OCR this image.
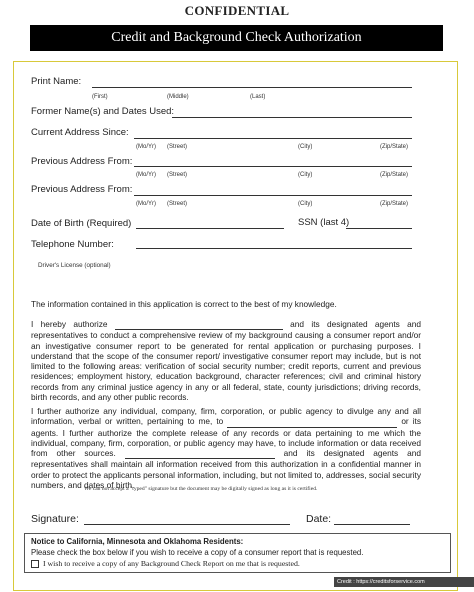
CONFIDENTIAL
Credit and Background Check Authorization
Print Name:
(First)	(Middle)	(Last)
Former Name(s) and Dates Used:
Current Address Since:
(Mo/Yr) (Street)	(City)	(Zip/State)
Previous Address From:
(Mo/Yr) (Street)	(City)	(Zip/State)
Previous Address From:
(Mo/Yr) (Street)	(City)	(Zip/State)
Date of Birth (Required)	SSN (last 4)
Telephone Number:
Driver's License (optional)
The information contained in this application is correct to the best of my knowledge.
I hereby authorize	and its designated agents and representatives to conduct a comprehensive review of my background causing a consumer report and/or an investigative consumer report to be generated for rental application or purchasing purposes. I understand that the scope of the consumer report/ investigative consumer report may include, but is not limited to the following areas: verification of social security number; credit reports, current and previous residences; employment history, education background, character references; civil and criminal history records from any criminal justice agency in any or all federal, state, county jurisdictions; driving records, birth records, and any other public records.
I further authorize any individual, company, firm, corporation, or public agency to divulge any and all information, verbal or written, pertaining to me, to	or its agents. I further authorize the complete release of any records or data pertaining to me which the individual, company, firm, corporation, or public agency may have, to include information or data received from other sources.	and its designated agents and representatives shall maintain all information received from this authorization in a confidential manner in order to protect the applicants personal information, including, but not limited to, addresses, social security numbers, and dates of birth.
We can not accept a "typed" signature but the document may be digitally signed as long as it is certified.
Signature:	Date:
Notice to California, Minnesota and Oklahoma Residents:
Please check the box below if you wish to receive a copy of a consumer report that is requested.
I wish to receive a copy of any Background Check Report on me that is requested.
Credit : https://creditsforservice.com
